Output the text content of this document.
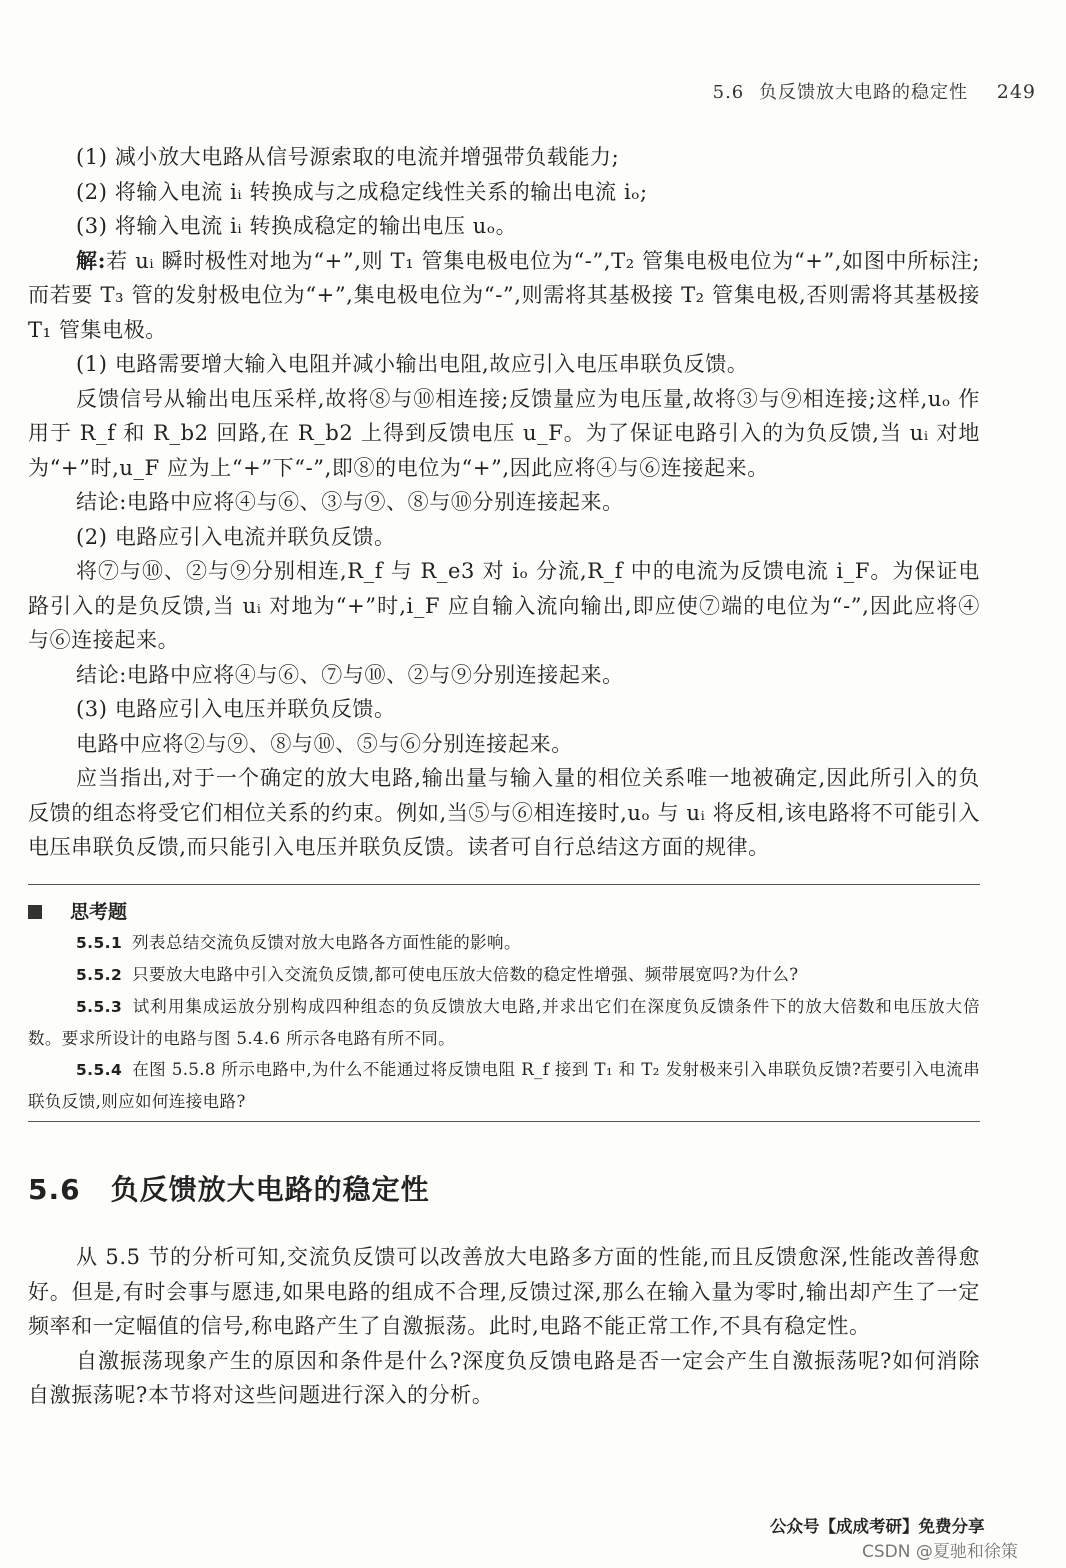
5.6 负反馈放大电路的稳定性 249

(1) 减小放大电路从信号源索取的电流并增强带负载能力;

(2) 将输入电流 iᵢ 转换成与之成稳定线性关系的输出电流 iₒ;

(3) 将输入电流 iᵢ 转换成稳定的输出电压 uₒ。

解:若 uᵢ 瞬时极性对地为“+”,则 T₁ 管集电极电位为“-”,T₂ 管集电极电位为“+”,如图中所标注;而若要 T₃ 管的发射极电位为“+”,集电极电位为“-”,则需将其基极接 T₂ 管集电极,否则需将其基极接 T₁ 管集电极。

(1) 电路需要增大输入电阻并减小输出电阻,故应引入电压串联负反馈。

反馈信号从输出电压采样,故将⑧与⑩相连接;反馈量应为电压量,故将③与⑨相连接;这样,uₒ 作用于 R_f 和 R_b2 回路,在 R_b2 上得到反馈电压 u_F。为了保证电路引入的为负反馈,当 uᵢ 对地为“+”时,u_F 应为上“+”下“-”,即⑧的电位为“+”,因此应将④与⑥连接起来。

结论:电路中应将④与⑥、③与⑨、⑧与⑩分别连接起来。

(2) 电路应引入电流并联负反馈。

将⑦与⑩、②与⑨分别相连,R_f 与 R_e3 对 iₒ 分流,R_f 中的电流为反馈电流 i_F。为保证电路引入的是负反馈,当 uᵢ 对地为“+”时,i_F 应自输入流向输出,即应使⑦端的电位为“-”,因此应将④与⑥连接起来。

结论:电路中应将④与⑥、⑦与⑩、②与⑨分别连接起来。

(3) 电路应引入电压并联负反馈。

电路中应将②与⑨、⑧与⑩、⑤与⑥分别连接起来。

应当指出,对于一个确定的放大电路,输出量与输入量的相位关系唯一地被确定,因此所引入的负反馈的组态将受它们相位关系的约束。例如,当⑤与⑥相连接时,uₒ 与 uᵢ 将反相,该电路将不可能引入电压串联负反馈,而只能引入电压并联负反馈。读者可自行总结这方面的规律。

思考题

5.5.1 列表总结交流负反馈对放大电路各方面性能的影响。

5.5.2 只要放大电路中引入交流负反馈,都可使电压放大倍数的稳定性增强、频带展宽吗?为什么?

5.5.3 试利用集成运放分别构成四种组态的负反馈放大电路,并求出它们在深度负反馈条件下的放大倍数和电压放大倍数。要求所设计的电路与图 5.4.6 所示各电路有所不同。

5.5.4 在图 5.5.8 所示电路中,为什么不能通过将反馈电阻 R_f 接到 T₁ 和 T₂ 发射极来引入串联负反馈?若要引入电流串联负反馈,则应如何连接电路?

5.6 负反馈放大电路的稳定性

从 5.5 节的分析可知,交流负反馈可以改善放大电路多方面的性能,而且反馈愈深,性能改善得愈好。但是,有时会事与愿违,如果电路的组成不合理,反馈过深,那么在输入量为零时,输出却产生了一定频率和一定幅值的信号,称电路产生了自激振荡。此时,电路不能正常工作,不具有稳定性。

自激振荡现象产生的原因和条件是什么?深度负反馈电路是否一定会产生自激振荡呢?如何消除自激振荡呢?本节将对这些问题进行深入的分析。

公众号【成成考研】免费分享
CSDN @夏驰和徐策
